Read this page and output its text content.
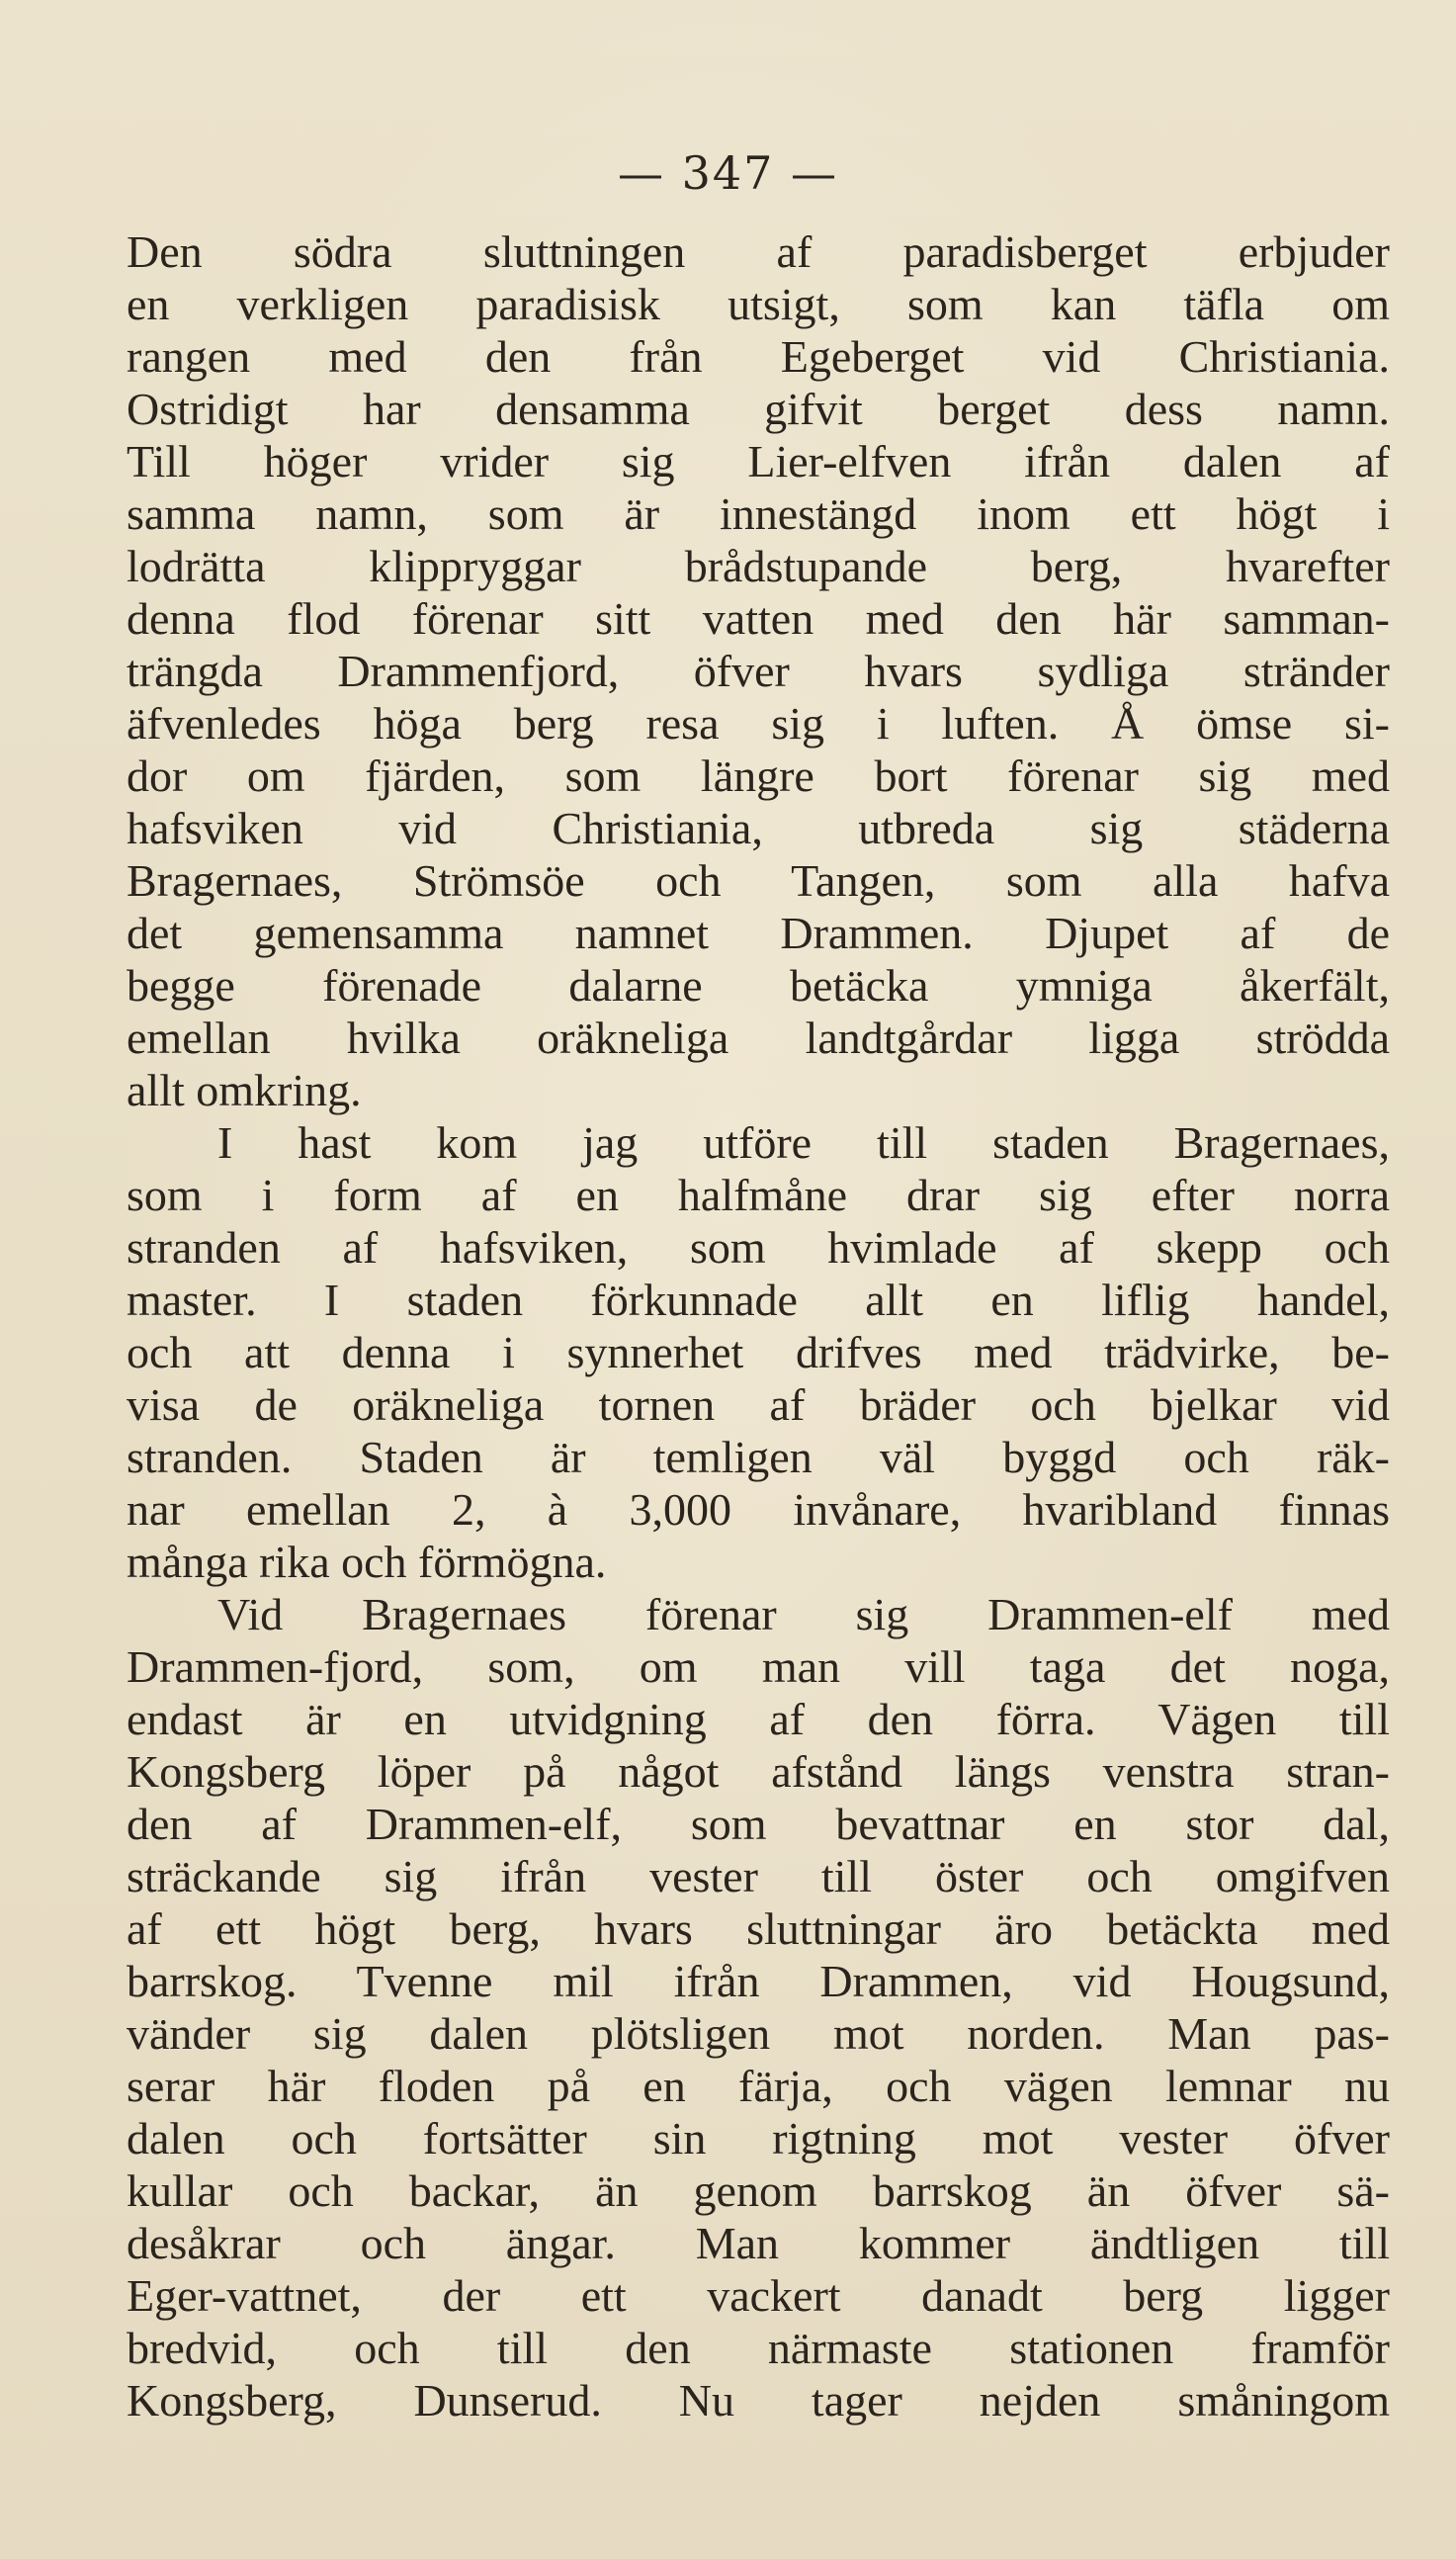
— 347 —
Den södra sluttningen af paradisberget erbjuder
en verkligen paradisisk utsigt, som kan täfla om
rangen med den från Egeberget vid Christiania.
Ostridigt har densamma gifvit berget dess namn.
Till höger vrider sig Lier-elfven ifrån dalen af
samma namn, som är innestängd inom ett högt i
lodrätta klippryggar brådstupande berg, hvarefter
denna flod förenar sitt vatten med den här samman-
trängda Drammenfjord, öfver hvars sydliga stränder
äfvenledes höga berg resa sig i luften. Å ömse si-
dor om fjärden, som längre bort förenar sig med
hafsviken vid Christiania, utbreda sig städerna
Bragernaes, Strömsöe och Tangen, som alla hafva
det gemensamma namnet Drammen. Djupet af de
begge förenade dalarne betäcka ymniga åkerfält,
emellan hvilka oräkneliga landtgårdar ligga strödda
allt omkring.
I hast kom jag utföre till staden Bragernaes,
som i form af en halfmåne drar sig efter norra
stranden af hafsviken, som hvimlade af skepp och
master. I staden förkunnade allt en liflig handel,
och att denna i synnerhet drifves med trädvirke, be-
visa de oräkneliga tornen af bräder och bjelkar vid
stranden. Staden är temligen väl byggd och räk-
nar emellan 2, à 3,000 invånare, hvaribland finnas
många rika och förmögna.
Vid Bragernaes förenar sig Drammen-elf med
Drammen-fjord, som, om man vill taga det noga,
endast är en utvidgning af den förra. Vägen till
Kongsberg löper på något afstånd längs venstra stran-
den af Drammen-elf, som bevattnar en stor dal,
sträckande sig ifrån vester till öster och omgifven
af ett högt berg, hvars sluttningar äro betäckta med
barrskog. Tvenne mil ifrån Drammen, vid Hougsund,
vänder sig dalen plötsligen mot norden. Man pas-
serar här floden på en färja, och vägen lemnar nu
dalen och fortsätter sin rigtning mot vester öfver
kullar och backar, än genom barrskog än öfver sä-
desåkrar och ängar. Man kommer ändtligen till
Eger-vattnet, der ett vackert danadt berg ligger
bredvid, och till den närmaste stationen framför
Kongsberg, Dunserud. Nu tager nejden småningom
